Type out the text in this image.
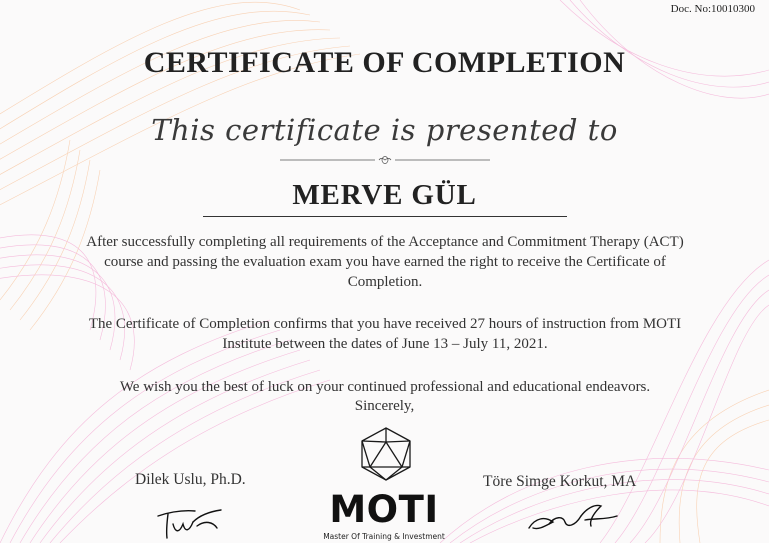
Doc. No:10010300
CERTIFICATE OF COMPLETION
This certificate is presented to
MERVE GÜL
After successfully completing all requirements of the Acceptance and Commitment Therapy (ACT) course and passing the evaluation exam you have earned the right to receive the Certificate of Completion.
The Certificate of Completion confirms that you have received 27 hours of instruction from MOTI Institute between the dates of June 13 – July 11, 2021.
We wish you the best of luck on your continued professional and educational endeavors.
Sincerely,
Dilek Uslu, Ph.D.	Töre Simge Korkut, MA
MOTI
Master Of Training & Investment
